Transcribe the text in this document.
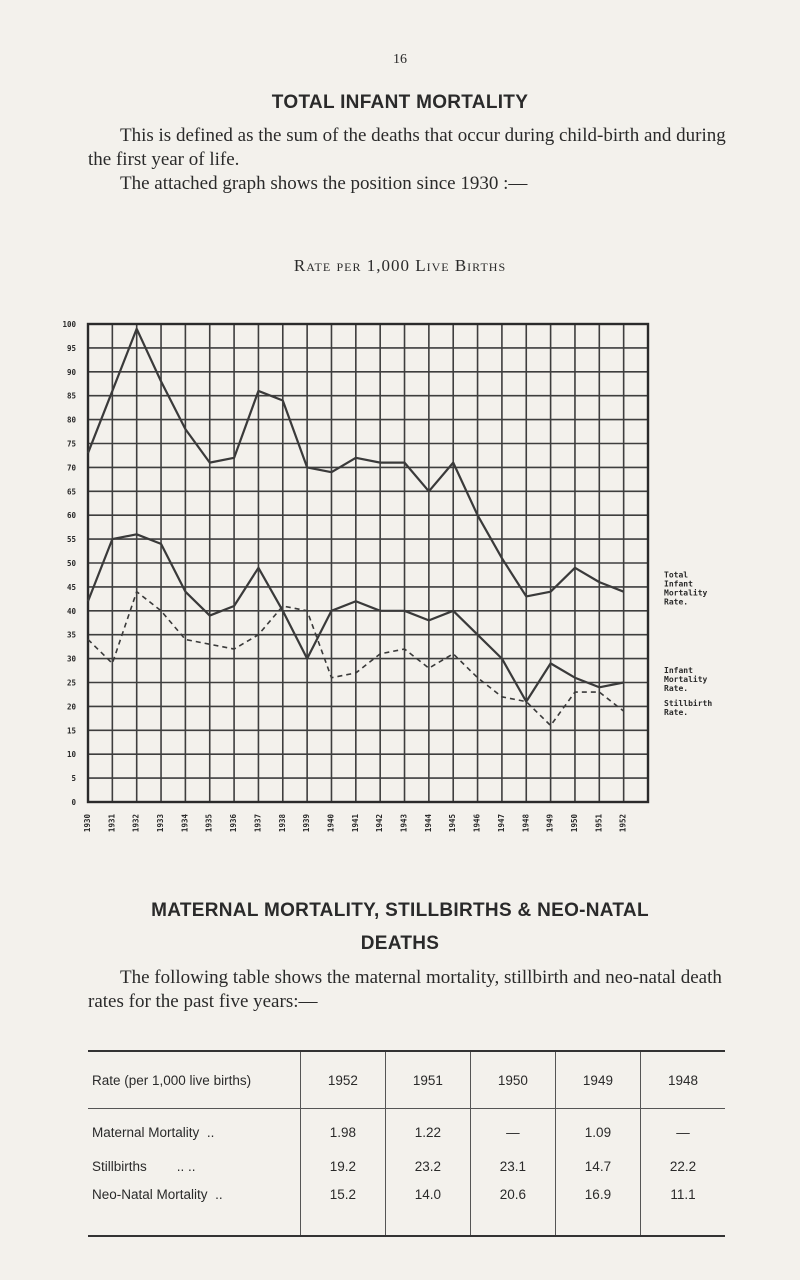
16
TOTAL INFANT MORTALITY
This is defined as the sum of the deaths that occur during child-birth and during the first year of life.
The attached graph shows the position since 1930 :—
Rate per 1,000 Live Births
0
5
10
15
20
25
30
35
40
45
50
55
60
65
70
75
80
85
90
95
100
1930 1931 1932 1933 1934 1935 1936 1937 1938 1939 1940 1941 1942 1943 1944 1945 1946 1947 1948 1949 1950 1951 1952
Total Infant Mortality Rate.
Infant Mortality Rate.
Stillbirth Rate.
MATERNAL MORTALITY, STILLBIRTHS & NEO-NATAL
DEATHS
The following table shows the maternal mortality, stillbirth and neo-natal death rates for the past five years:—
Rate (per 1,000 live births)	1952	1951	1950	1949	1948
Maternal Mortality ..	1.98	1.22	—	1.09	—
Stillbirths .. ..	19.2	23.2	23.1	14.7	22.2
Neo-Natal Mortality ..	15.2	14.0	20.6	16.9	11.1
